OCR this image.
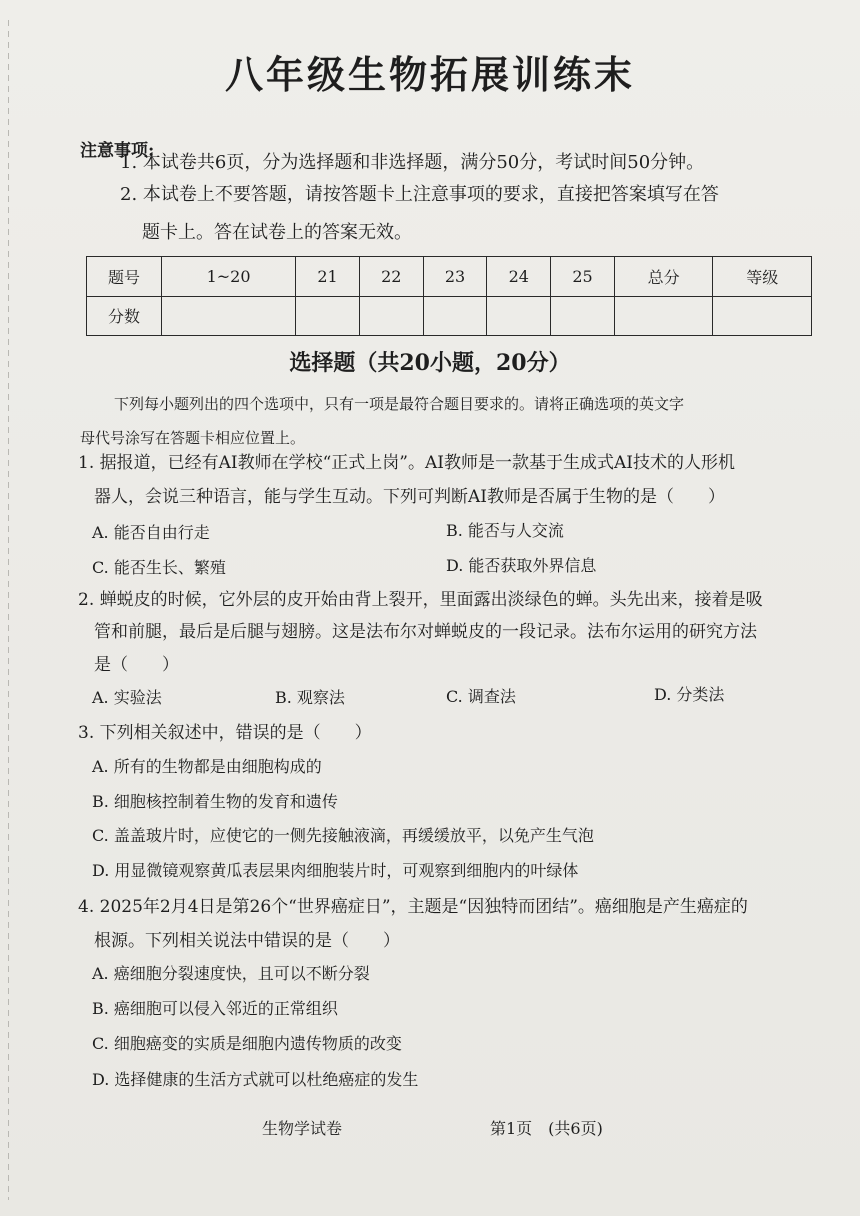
八年级生物拓展训练末
注意事项:
1. 本试卷共6页，分为选择题和非选择题，满分50分，考试时间50分钟。
2. 本试卷上不要答题，请按答题卡上注意事项的要求，直接把答案填写在答
题卡上。答在试卷上的答案无效。
题号	1~20	21	22	23	24	25	总分	等级
分数								
选择题（共20小题，20分）
下列每小题列出的四个选项中，只有一项是最符合题目要求的。请将正确选项的英文字
母代号涂写在答题卡相应位置上。
1. 据报道，已经有AI教师在学校“正式上岗”。AI教师是一款基于生成式AI技术的人形机
器人，会说三种语言，能与学生互动。下列可判断AI教师是否属于生物的是（　　）
A. 能否自由行走	B. 能否与人交流
C. 能否生长、繁殖	D. 能否获取外界信息
2. 蝉蜕皮的时候，它外层的皮开始由背上裂开，里面露出淡绿色的蝉。头先出来，接着是吸
管和前腿，最后是后腿与翅膀。这是法布尔对蝉蜕皮的一段记录。法布尔运用的研究方法
是（　　）
A. 实验法	B. 观察法	C. 调查法	D. 分类法
3. 下列相关叙述中，错误的是（　　）
A. 所有的生物都是由细胞构成的
B. 细胞核控制着生物的发育和遗传
C. 盖盖玻片时，应使它的一侧先接触液滴，再缓缓放平，以免产生气泡
D. 用显微镜观察黄瓜表层果肉细胞装片时，可观察到细胞内的叶绿体
4. 2025年2月4日是第26个“世界癌症日”，主题是“因独特而团结”。癌细胞是产生癌症的
根源。下列相关说法中错误的是（　　）
A. 癌细胞分裂速度快，且可以不断分裂
B. 癌细胞可以侵入邻近的正常组织
C. 细胞癌变的实质是细胞内遗传物质的改变
D. 选择健康的生活方式就可以杜绝癌症的发生
生物学试卷	第1页　(共6页)
